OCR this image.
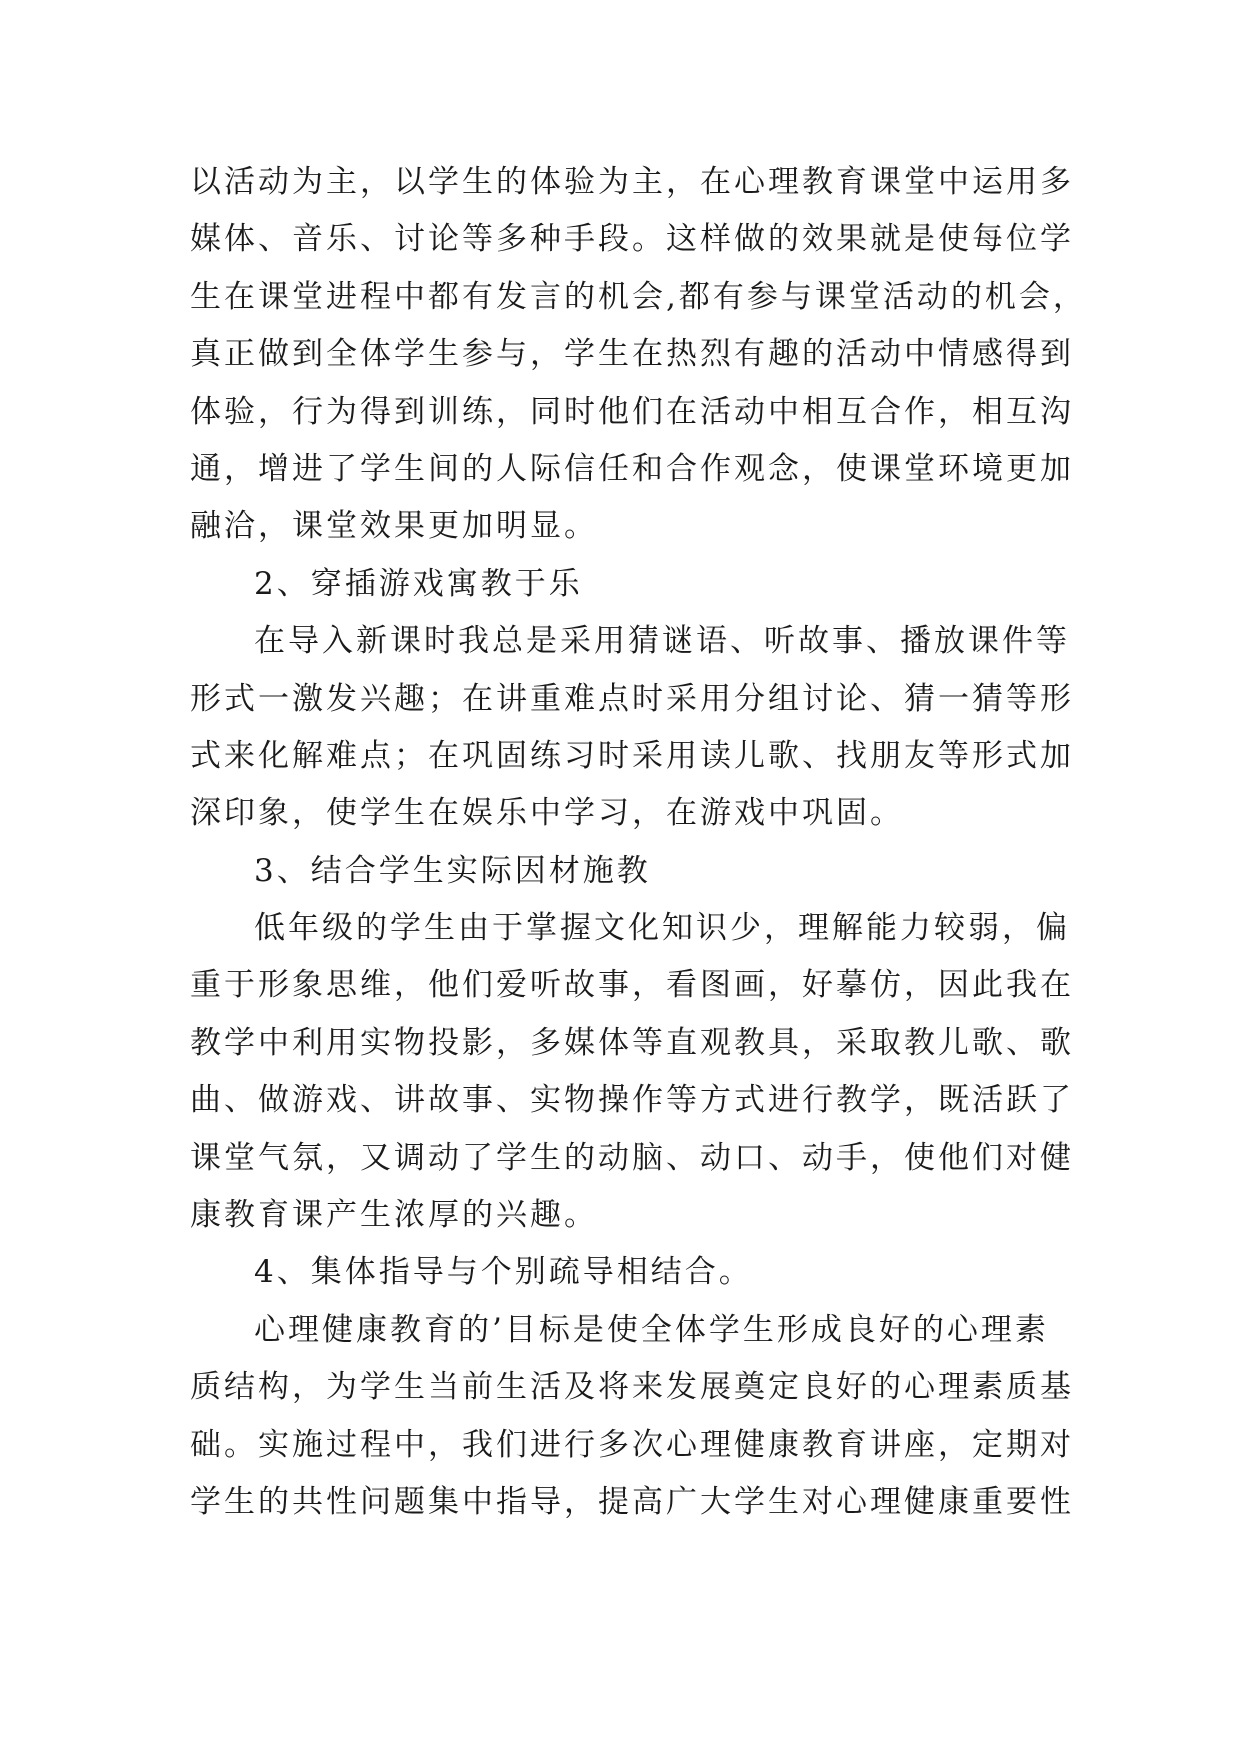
以活动为主，以学生的体验为主，在心理教育课堂中运用多
媒体、音乐、讨论等多种手段。这样做的效果就是使每位学
生在课堂进程中都有发言的机会,都有参与课堂活动的机会，
真正做到全体学生参与，学生在热烈有趣的活动中情感得到
体验，行为得到训练，同时他们在活动中相互合作，相互沟
通，增进了学生间的人际信任和合作观念，使课堂环境更加
融洽，课堂效果更加明显。
2、穿插游戏寓教于乐
在导入新课时我总是采用猜谜语、听故事、播放课件等
形式一激发兴趣；在讲重难点时采用分组讨论、猜一猜等形
式来化解难点；在巩固练习时采用读儿歌、找朋友等形式加
深印象，使学生在娱乐中学习，在游戏中巩固。
3、结合学生实际因材施教
低年级的学生由于掌握文化知识少，理解能力较弱，偏
重于形象思维，他们爱听故事，看图画，好摹仿，因此我在
教学中利用实物投影，多媒体等直观教具，采取教儿歌、歌
曲、做游戏、讲故事、实物操作等方式进行教学，既活跃了
课堂气氛，又调动了学生的动脑、动口、动手，使他们对健
康教育课产生浓厚的兴趣。
4、集体指导与个别疏导相结合。
心理健康教育的’目标是使全体学生形成良好的心理素
质结构，为学生当前生活及将来发展奠定良好的心理素质基
础。实施过程中，我们进行多次心理健康教育讲座，定期对
学生的共性问题集中指导，提高广大学生对心理健康重要性
